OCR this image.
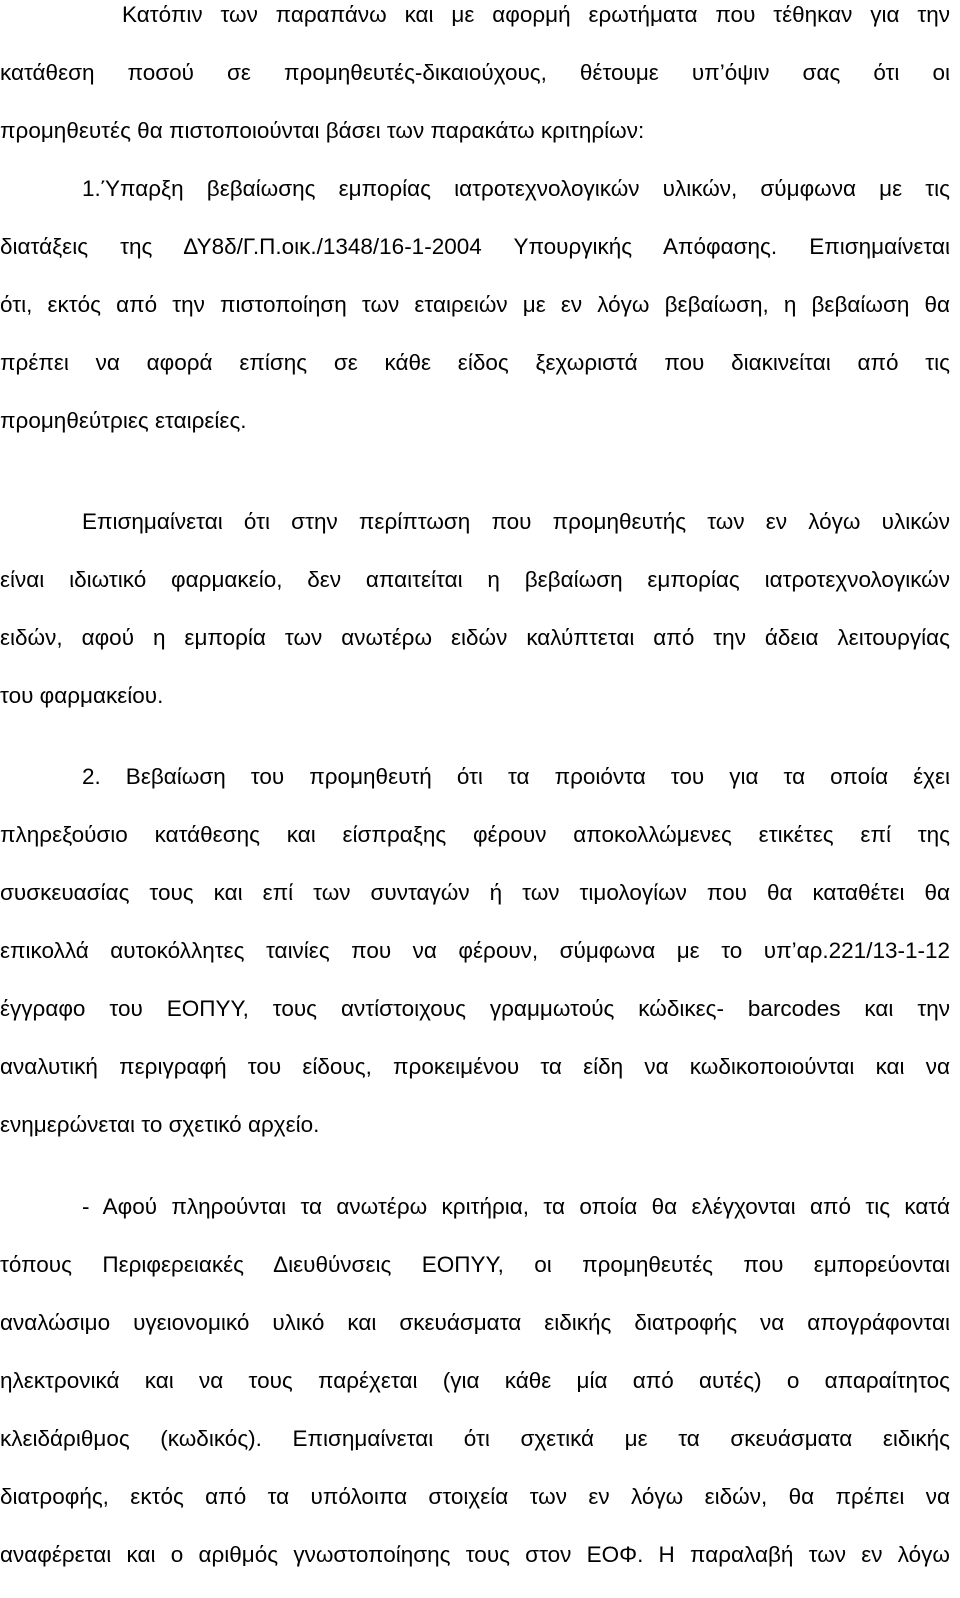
Κατόπιν των παραπάνω και με αφορμή ερωτήματα που τέθηκαν για την
κατάθεση ποσού σε προμηθευτές-δικαιούχους, θέτουμε υπ’όψιν σας ότι οι
προμηθευτές θα πιστοποιούνται βάσει των παρακάτω κριτηρίων:
1.Ύπαρξη βεβαίωσης εμπορίας ιατροτεχνολογικών υλικών, σύμφωνα με τις
διατάξεις της ΔΥ8δ/Γ.Π.οικ./1348/16-1-2004 Υπουργικής Απόφασης. Επισημαίνεται
ότι, εκτός από την πιστοποίηση των εταιρειών με εν λόγω βεβαίωση, η βεβαίωση θα
πρέπει να αφορά επίσης σε κάθε είδος ξεχωριστά που διακινείται από τις
προμηθεύτριες εταιρείες.
Επισημαίνεται ότι στην περίπτωση που προμηθευτής των εν λόγω υλικών
είναι ιδιωτικό φαρμακείο, δεν απαιτείται η βεβαίωση εμπορίας ιατροτεχνολογικών
ειδών, αφού η εμπορία των ανωτέρω ειδών καλύπτεται από την άδεια λειτουργίας
του φαρμακείου.
2. Βεβαίωση του προμηθευτή ότι τα προιόντα του για τα οποία έχει
πληρεξούσιο κατάθεσης και είσπραξης φέρουν αποκολλώμενες ετικέτες επί της
συσκευασίας τους και επί των συνταγών ή των τιμολογίων που θα καταθέτει θα
επικολλά αυτοκόλλητες ταινίες που να φέρουν, σύμφωνα με το υπ’αρ.221/13-1-12
έγγραφο του ΕΟΠΥΥ, τους αντίστοιχους γραμμωτούς κώδικες- barcodes και την
αναλυτική περιγραφή του είδους, προκειμένου τα είδη να κωδικοποιούνται και να
ενημερώνεται το σχετικό αρχείο.
- Αφού πληρούνται τα ανωτέρω κριτήρια, τα οποία θα ελέγχονται από τις κατά
τόπους Περιφερειακές Διευθύνσεις ΕΟΠΥΥ, οι προμηθευτές που εμπορεύονται
αναλώσιμο υγειονομικό υλικό και σκευάσματα ειδικής διατροφής να απογράφονται
ηλεκτρονικά και να τους παρέχεται (για κάθε μία από αυτές) ο απαραίτητος
κλειδάριθμος (κωδικός). Επισημαίνεται ότι σχετικά με τα σκευάσματα ειδικής
διατροφής, εκτός από τα υπόλοιπα στοιχεία των εν λόγω ειδών, θα πρέπει να
αναφέρεται και ο αριθμός γνωστοποίησης τους στον ΕΟΦ. Η παραλαβή των εν λόγω
